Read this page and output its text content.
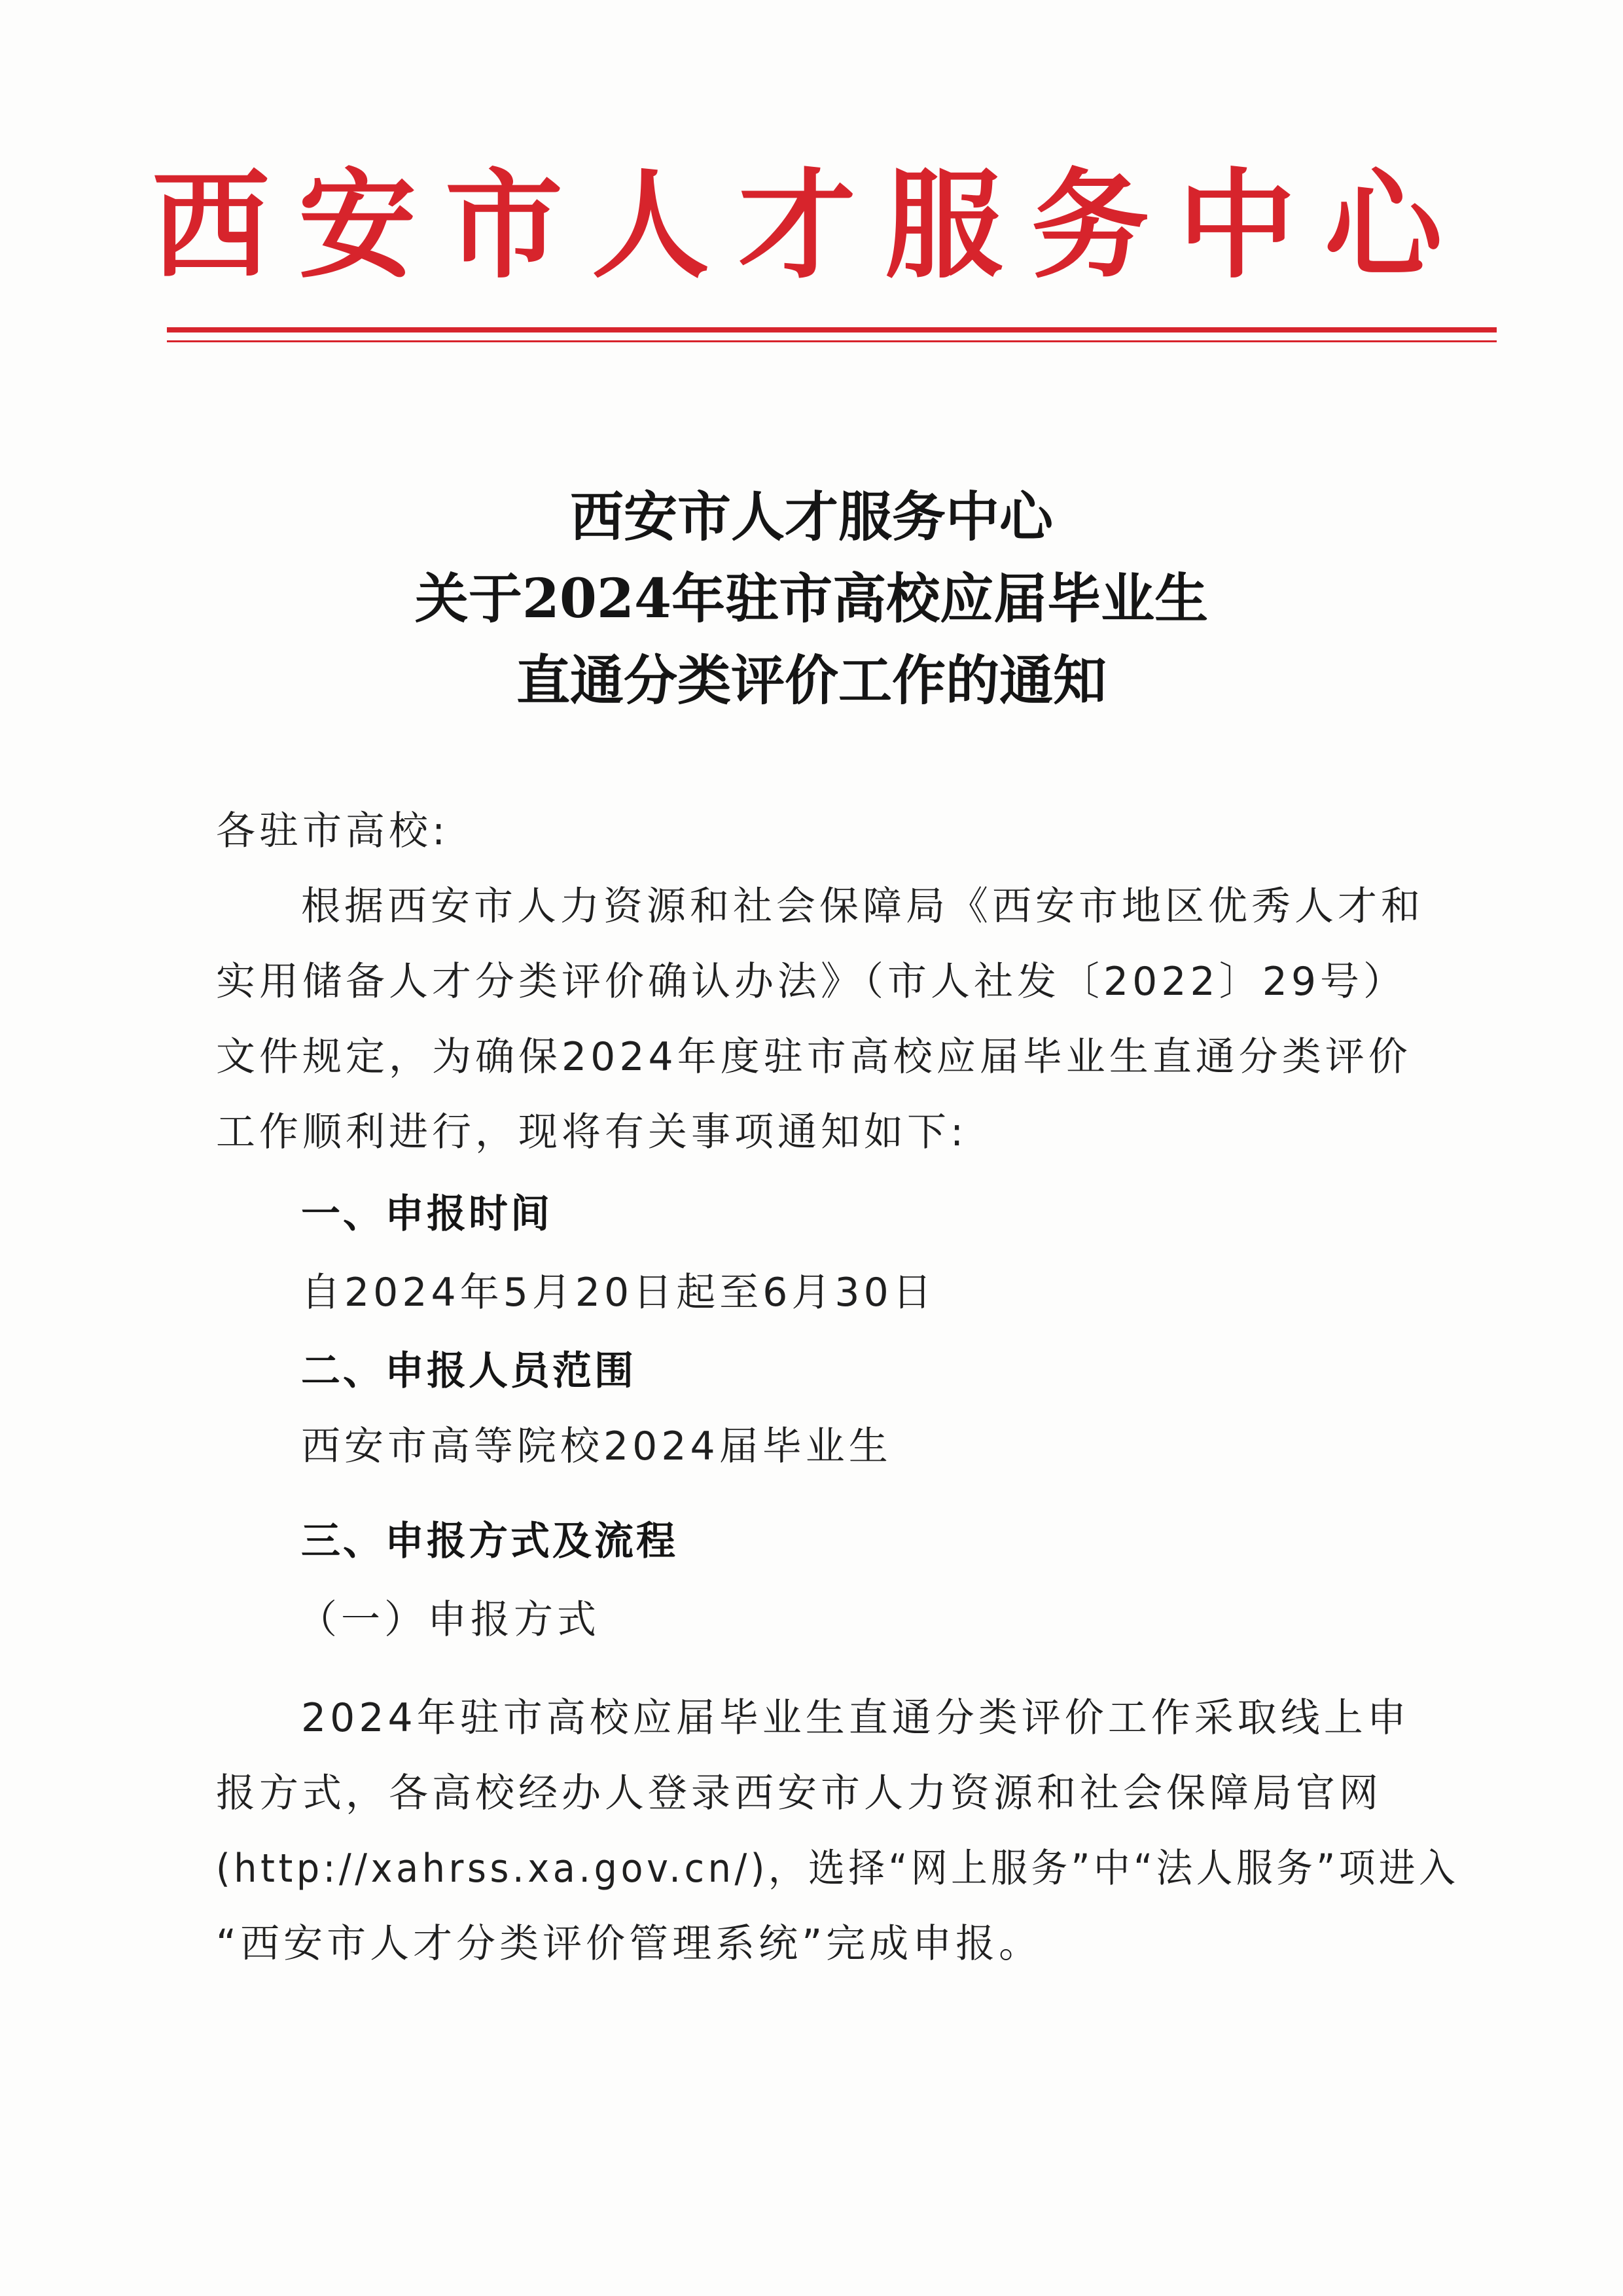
西安市人才服务中心
西安市人才服务中心
关于2024年驻市高校应届毕业生
直通分类评价工作的通知
各驻市高校:
根据西安市人力资源和社会保障局《西安市地区优秀人才和
实用储备人才分类评价确认办法》（市人社发〔2022〕29号）
文件规定，为确保2024年度驻市高校应届毕业生直通分类评价
工作顺利进行，现将有关事项通知如下:
一、申报时间
自2024年5月20日起至6月30日
二、申报人员范围
西安市高等院校2024届毕业生
三、申报方式及流程
（一）申报方式
2024年驻市高校应届毕业生直通分类评价工作采取线上申
报方式，各高校经办人登录西安市人力资源和社会保障局官网
(http://xahrss.xa.gov.cn/)，选择“网上服务”中“法人服务”项进入
“西安市人才分类评价管理系统”完成申报。
